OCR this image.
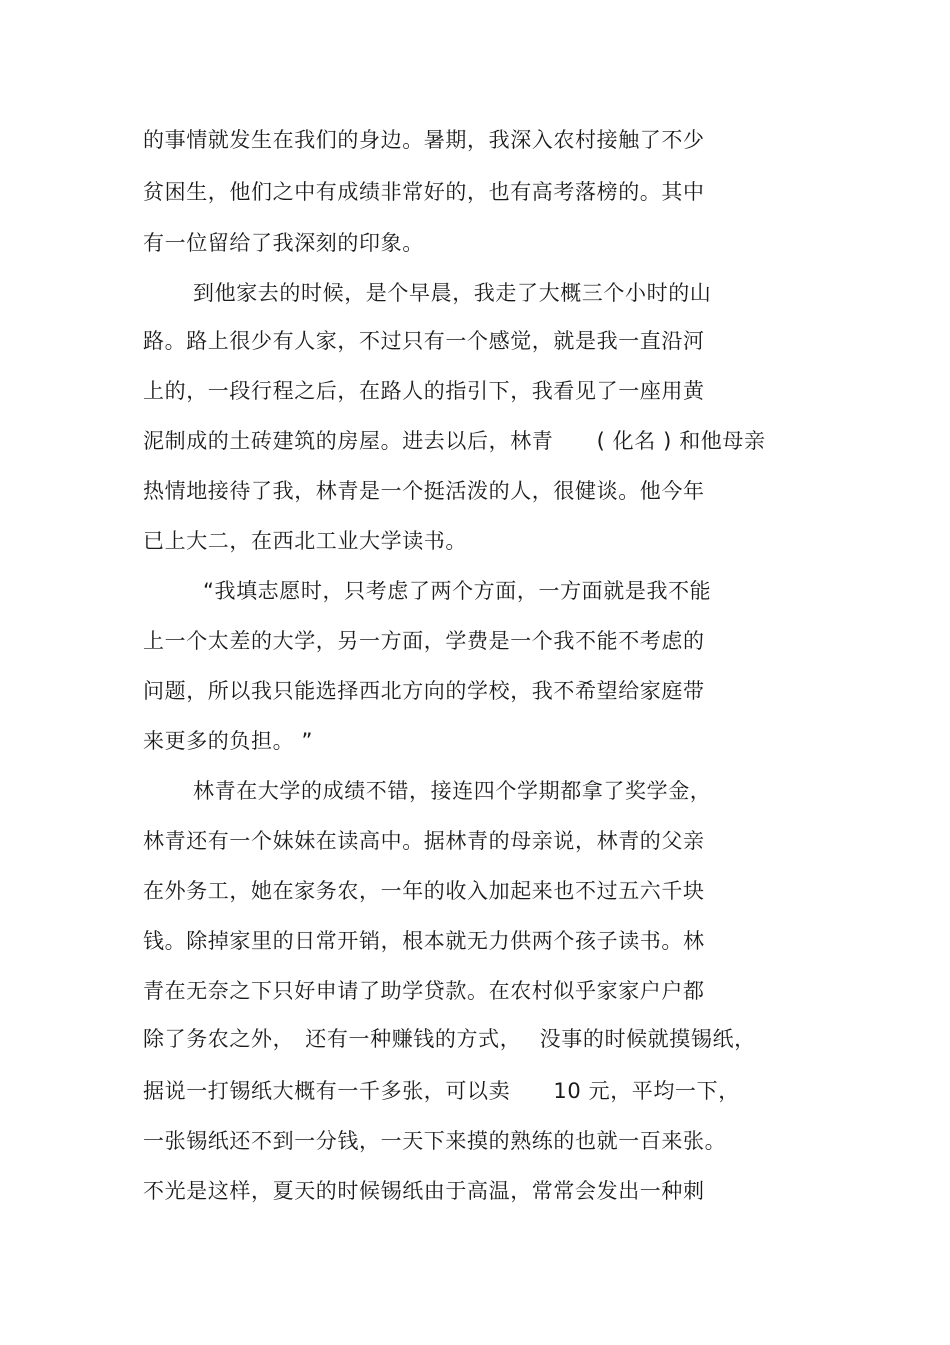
的事情就发生在我们的身边。暑期，我深入农村接触了不少
贫困生，他们之中有成绩非常好的，也有高考落榜的。其中
有一位留给了我深刻的印象。
到他家去的时候，是个早晨，我走了大概三个小时的山
路。路上很少有人家，不过只有一个感觉，就是我一直沿河
上的，一段行程之后，在路人的指引下，我看见了一座用黄
泥制成的土砖建筑的房屋。进去以后，林青　　( 化名 ) 和他母亲
热情地接待了我，林青是一个挺活泼的人，很健谈。他今年
已上大二，在西北工业大学读书。
“我填志愿时，只考虑了两个方面，一方面就是我不能
上一个太差的大学，另一方面，学费是一个我不能不考虑的
问题，所以我只能选择西北方向的学校，我不希望给家庭带
来更多的负担。 ”
林青在大学的成绩不错，接连四个学期都拿了奖学金，
林青还有一个妹妹在读高中。据林青的母亲说，林青的父亲
在外务工，她在家务农，一年的收入加起来也不过五六千块
钱。除掉家里的日常开销，根本就无力供两个孩子读书。林
青在无奈之下只好申请了助学贷款。在农村似乎家家户户都
除了务农之外，　还有一种赚钱的方式，　 没事的时候就摸锡纸，
据说一打锡纸大概有一千多张，可以卖　　10 元，平均一下，
一张锡纸还不到一分钱，一天下来摸的熟练的也就一百来张。
不光是这样，夏天的时候锡纸由于高温，常常会发出一种刺
